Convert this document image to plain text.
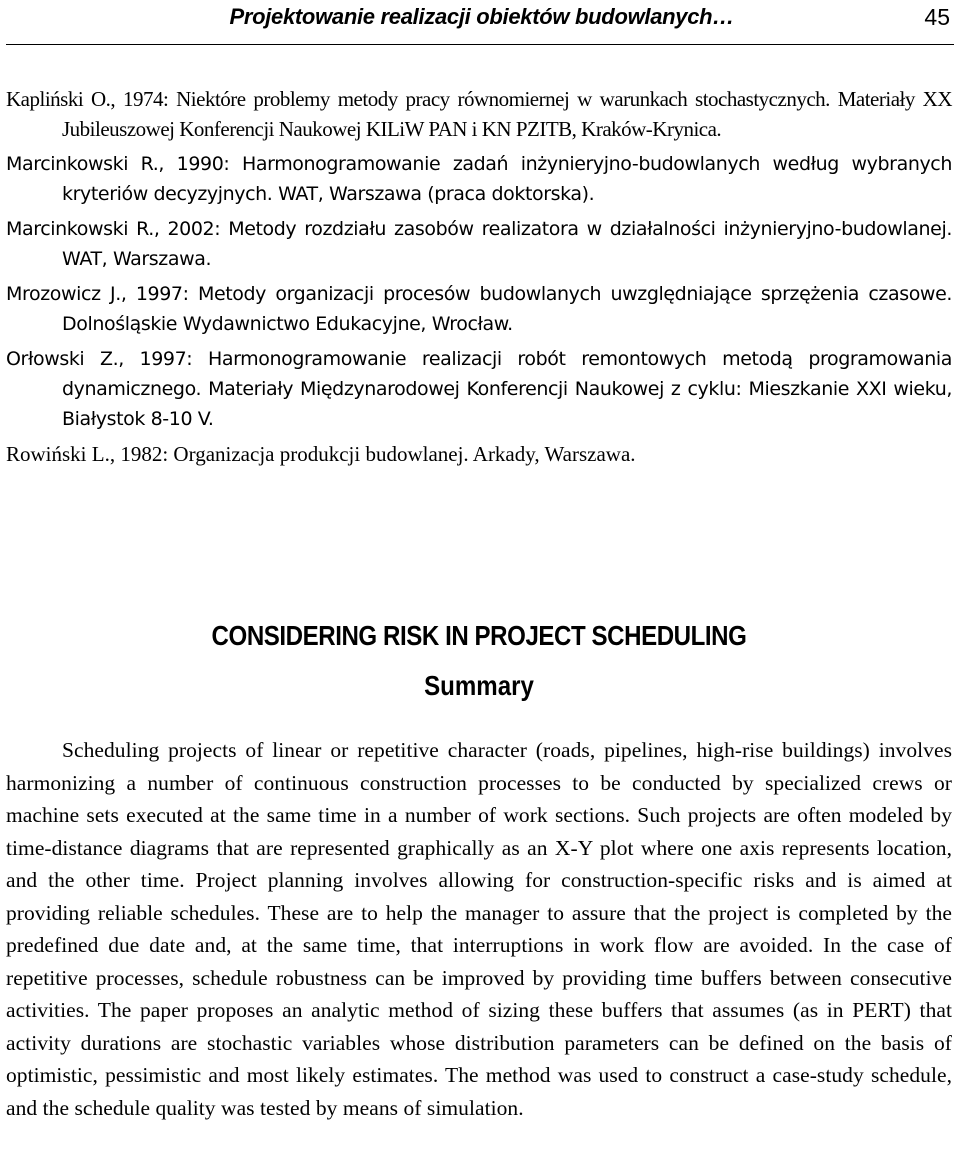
Projektowanie realizacji obiektów budowlanych…	45

Kapliński O., 1974: Niektóre problemy metody pracy równomiernej w warunkach stochastycznych. Materiały XX Jubileuszowej Konferencji Naukowej KILiW PAN i KN PZITB, Kraków-Krynica.

Marcinkowski R., 1990: Harmonogramowanie zadań inżynieryjno-budowlanych według wybranych kryteriów decyzyjnych. WAT, Warszawa (praca doktorska).

Marcinkowski R., 2002: Metody rozdziału zasobów realizatora w działalności inżynieryjno-budowlanej. WAT, Warszawa.

Mrozowicz J., 1997: Metody organizacji procesów budowlanych uwzględniające sprzężenia czasowe. Dolnośląskie Wydawnictwo Edukacyjne, Wrocław.

Orłowski Z., 1997: Harmonogramowanie realizacji robót remontowych metodą programowania dynamicznego. Materiały Międzynarodowej Konferencji Naukowej z cyklu: Mieszkanie XXI wieku, Białystok 8-10 V.

Rowiński L., 1982: Organizacja produkcji budowlanej. Arkady, Warszawa.

CONSIDERING RISK IN PROJECT SCHEDULING
Summary

Scheduling projects of linear or repetitive character (roads, pipelines, high-rise buildings) involves harmonizing a number of continuous construction processes to be conducted by specialized crews or machine sets executed at the same time in a number of work sections. Such projects are often modeled by time-distance diagrams that are represented graphically as an X-Y plot where one axis represents location, and the other time. Project planning involves allowing for construction-specific risks and is aimed at providing reliable schedules. These are to help the manager to assure that the project is completed by the predefined due date and, at the same time, that interruptions in work flow are avoided. In the case of repetitive processes, schedule robustness can be improved by providing time buffers between consecutive activities. The paper proposes an analytic method of sizing these buffers that assumes (as in PERT) that activity durations are stochastic variables whose distribution parameters can be defined on the basis of optimistic, pessimistic and most likely estimates. The method was used to construct a case-study schedule, and the schedule quality was tested by means of simulation.
